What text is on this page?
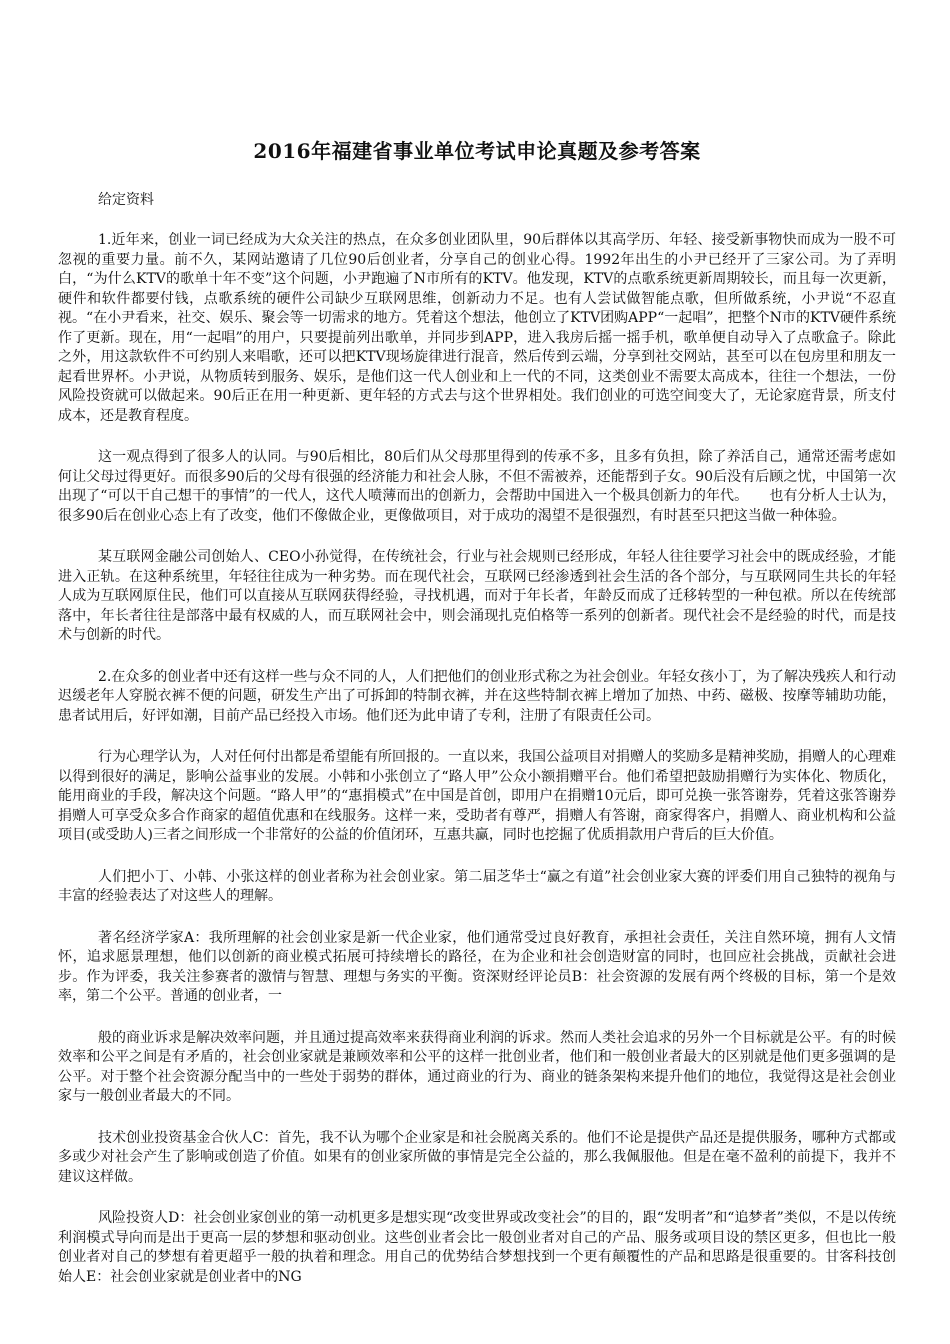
2016年福建省事业单位考试申论真题及参考答案

给定资料

1.近年来，创业一词已经成为大众关注的热点，在众多创业团队里，90后群体以其高学历、年轻、接受新事物快而成为一股不可忽视的重要力量。前不久，某网站邀请了几位90后创业者，分享自己的创业心得。1992年出生的小尹已经开了三家公司。为了弄明白，“为什么KTV的歌单十年不变”这个问题，小尹跑遍了N市所有的KTV。他发现，KTV的点歌系统更新周期较长，而且每一次更新，硬件和软件都要付钱，点歌系统的硬件公司缺少互联网思维，创新动力不足。也有人尝试做智能点歌，但所做系统，小尹说“不忍直视。“在小尹看来，社交、娱乐、聚会等一切需求的地方。凭着这个想法，他创立了KTV团购APP“一起唱”，把整个N市的KTV硬件系统作了更新。现在，用“一起唱”的用户，只要提前列出歌单，并同步到APP，进入我房后摇一摇手机，歌单便自动导入了点歌盒子。除此之外，用这款软件不可约别人来唱歌，还可以把KTV现场旋律进行混音，然后传到云端，分享到社交网站，甚至可以在包房里和朋友一起看世界杯。小尹说，从物质转到服务、娱乐，是他们这一代人创业和上一代的不同，这类创业不需要太高成本，往往一个想法，一份风险投资就可以做起来。90后正在用一种更新、更年轻的方式去与这个世界相处。我们创业的可选空间变大了，无论家庭背景，所支付成本，还是教育程度。

这一观点得到了很多人的认同。与90后相比，80后们从父母那里得到的传承不多，且多有负担，除了养活自己，通常还需考虑如何让父母过得更好。而很多90后的父母有很强的经济能力和社会人脉，不但不需被养，还能帮到子女。90后没有后顾之忧，中国第一次出现了“可以干自己想干的事情”的一代人，这代人喷薄而出的创新力，会帮助中国进入一个极具创新力的年代。　　也有分析人士认为，很多90后在创业心态上有了改变，他们不像做企业，更像做项目，对于成功的渴望不是很强烈，有时甚至只把这当做一种体验。

某互联网金融公司创始人、CEO小孙觉得，在传统社会，行业与社会规则已经形成，年轻人往往要学习社会中的既成经验，才能进入正轨。在这种系统里，年轻往往成为一种劣势。而在现代社会，互联网已经渗透到社会生活的各个部分，与互联网同生共长的年轻人成为互联网原住民，他们可以直接从互联网获得经验，寻找机遇，而对于年长者，年龄反而成了迁移转型的一种包袱。所以在传统部落中，年长者往往是部落中最有权威的人，而互联网社会中，则会涌现扎克伯格等一系列的创新者。现代社会不是经验的时代，而是技术与创新的时代。

2.在众多的创业者中还有这样一些与众不同的人，人们把他们的创业形式称之为社会创业。年轻女孩小丁，为了解决残疾人和行动迟缓老年人穿脱衣裤不便的问题，研发生产出了可拆卸的特制衣裤，并在这些特制衣裤上增加了加热、中药、磁极、按摩等辅助功能，患者试用后，好评如潮，目前产品已经投入市场。他们还为此申请了专利，注册了有限责任公司。

行为心理学认为，人对任何付出都是希望能有所回报的。一直以来，我国公益项目对捐赠人的奖励多是精神奖励，捐赠人的心理难以得到很好的满足，影响公益事业的发展。小韩和小张创立了“路人甲”公众小额捐赠平台。他们希望把鼓励捐赠行为实体化、物质化，能用商业的手段，解决这个问题。“路人甲”的“惠捐模式”在中国是首创，即用户在捐赠10元后，即可兑换一张答谢券，凭着这张答谢券捐赠人可享受众多合作商家的超值优惠和在线服务。这样一来，受助者有尊严，捐赠人有答谢，商家得客户，捐赠人、商业机构和公益项目(或受助人)三者之间形成一个非常好的公益的价值闭环，互惠共赢，同时也挖掘了优质捐款用户背后的巨大价值。

人们把小丁、小韩、小张这样的创业者称为社会创业家。第二届芝华士“赢之有道”社会创业家大赛的评委们用自己独特的视角与丰富的经验表达了对这些人的理解。

著名经济学家A：我所理解的社会创业家是新一代企业家，他们通常受过良好教育，承担社会责任，关注自然环境，拥有人文情怀，追求愿景理想，他们以创新的商业模式拓展可持续增长的路径，在为企业和社会创造财富的同时，也回应社会挑战，贡献社会进步。作为评委，我关注参赛者的激情与智慧、理想与务实的平衡。资深财经评论员B：社会资源的发展有两个终极的目标，第一个是效率，第二个公平。普通的创业者，一

般的商业诉求是解决效率问题，并且通过提高效率来获得商业利润的诉求。然而人类社会追求的另外一个目标就是公平。有的时候效率和公平之间是有矛盾的，社会创业家就是兼顾效率和公平的这样一批创业者，他们和一般创业者最大的区别就是他们更多强调的是公平。对于整个社会资源分配当中的一些处于弱势的群体，通过商业的行为、商业的链条架构来提升他们的地位，我觉得这是社会创业家与一般创业者最大的不同。

技术创业投资基金合伙人C：首先，我不认为哪个企业家是和社会脱离关系的。他们不论是提供产品还是提供服务，哪种方式都或多或少对社会产生了影响或创造了价值。如果有的创业家所做的事情是完全公益的，那么我佩服他。但是在毫不盈利的前提下，我并不建议这样做。

风险投资人D：社会创业家创业的第一动机更多是想实现“改变世界或改变社会”的目的，跟“发明者”和“追梦者”类似，不是以传统利润模式导向而是出于更高一层的梦想和驱动创业。这些创业者会比一般创业者对自己的产品、服务或项目设的禁区更多，但也比一般创业者对自己的梦想有着更超乎一般的执着和理念。用自己的优势结合梦想找到一个更有颠覆性的产品和思路是很重要的。甘客科技创始人E：社会创业家就是创业者中的NG
